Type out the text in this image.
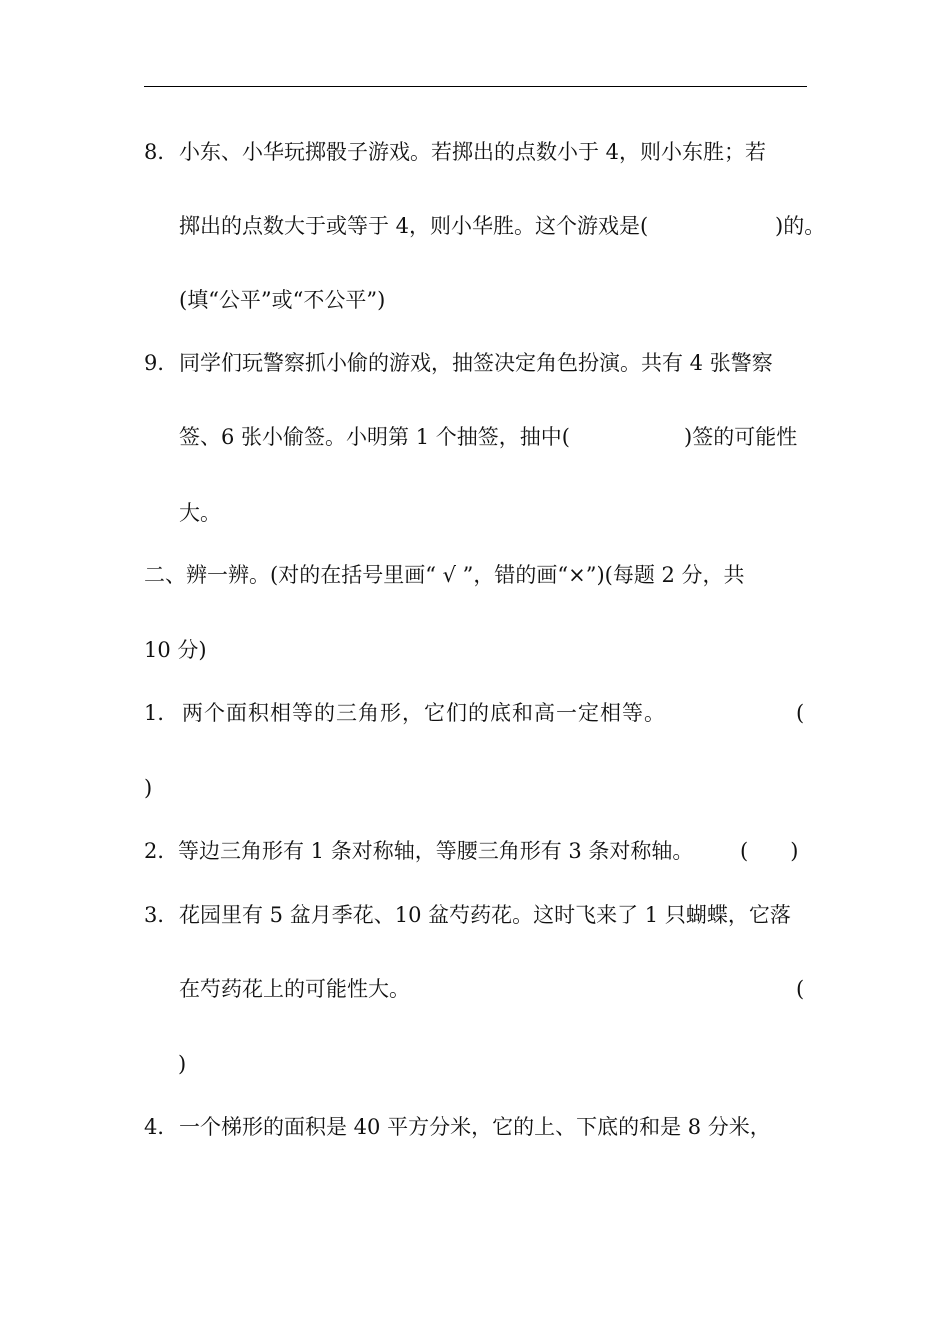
8． 小东、小华玩掷骰子游戏。若掷出的点数小于 4，则小东胜；若
掷出的点数大于或等于 4，则小华胜。这个游戏是(	)的。
(填“公平”或“不公平”)
9． 同学们玩警察抓小偷的游戏，抽签决定角色扮演。共有 4 张警察
签、6 张小偷签。小明第 1 个抽签，抽中(	)签的可能性
大。
二、辨一辨。(对的在括号里画“ √ ”，错的画“×”)(每题 2 分，共
10 分)
1． 两个面积相等的三角形，它们的底和高一定相等。	(
)
2． 等边三角形有 1 条对称轴，等腰三角形有 3 条对称轴。 (　　)
3． 花园里有 5 盆月季花、10 盆芍药花。这时飞来了 1 只蝴蝶，它落
在芍药花上的可能性大。	(
)
4． 一个梯形的面积是 40 平方分米，它的上、下底的和是 8 分米，
